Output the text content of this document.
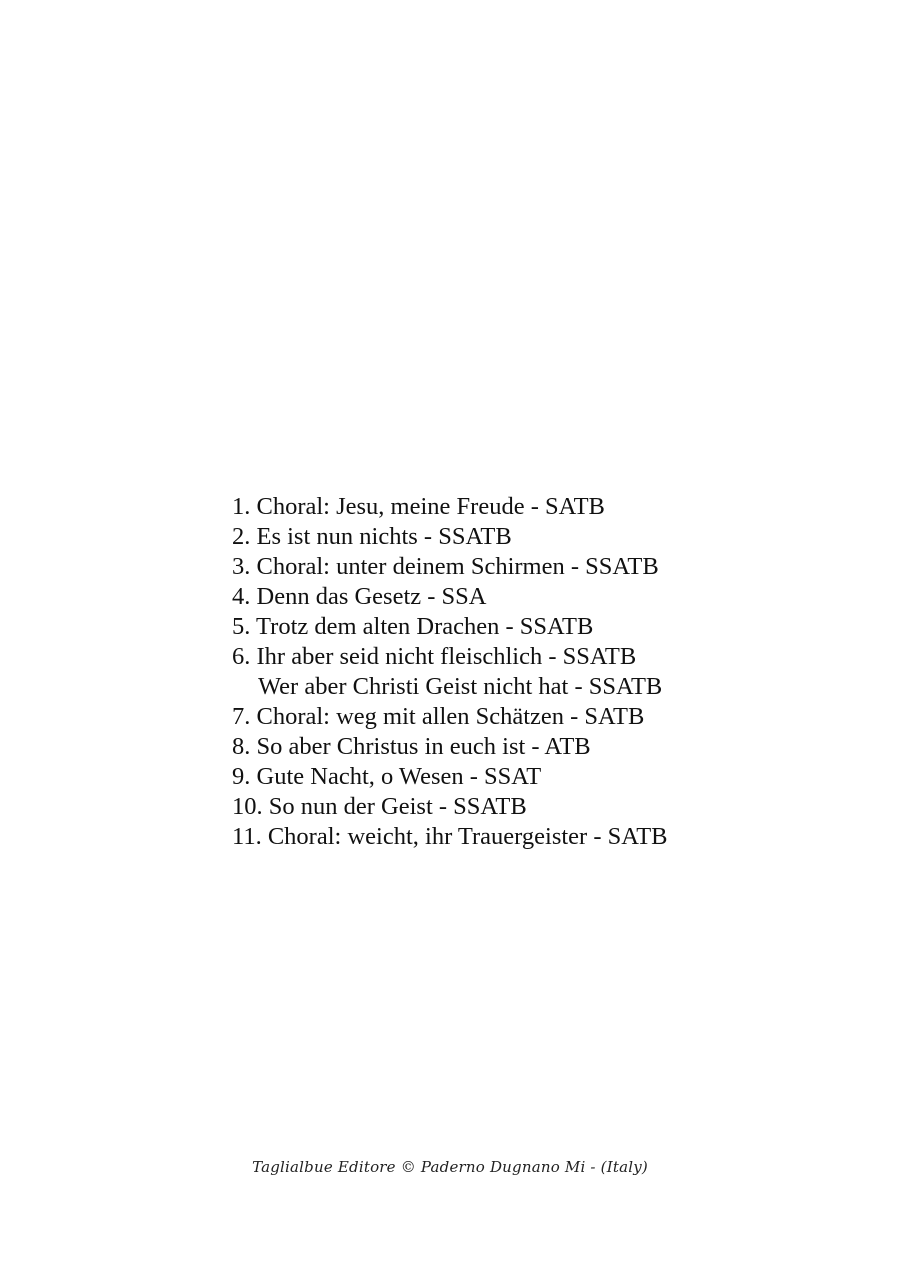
1. Choral: Jesu, meine Freude - SATB
2. Es ist nun nichts - SSATB
3. Choral: unter deinem Schirmen - SSATB
4. Denn das Gesetz - SSA
5. Trotz dem alten Drachen - SSATB
6. Ihr aber seid nicht fleischlich - SSATB
Wer aber Christi Geist nicht hat - SSATB
7. Choral: weg mit allen Schätzen - SATB
8. So aber Christus in euch ist - ATB
9. Gute Nacht, o Wesen - SSAT
10. So nun der Geist - SSATB
11. Choral: weicht, ihr Trauergeister - SATB
Taglialbue Editore © Paderno Dugnano Mi - (Italy)
